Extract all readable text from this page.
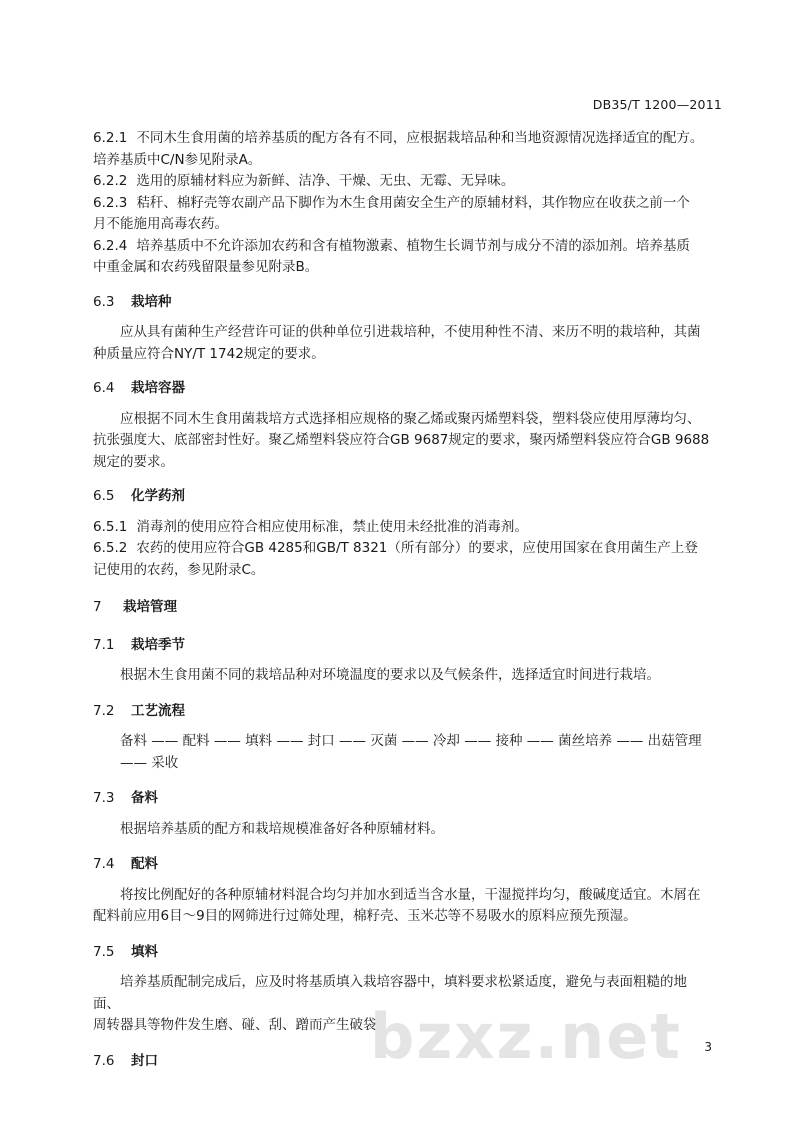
DB35/T 1200—2011

6.2.1 不同木生食用菌的培养基质的配方各有不同，应根据栽培品种和当地资源情况选择适宜的配方。

培养基质中C/N参见附录A。

6.2.2 选用的原辅材料应为新鲜、洁净、干燥、无虫、无霉、无异味。

6.2.3 秸秆、棉籽壳等农副产品下脚作为木生食用菌安全生产的原辅材料，其作物应在收获之前一个

月不能施用高毒农药。

6.2.4 培养基质中不允许添加农药和含有植物激素、植物生长调节剂与成分不清的添加剂。培养基质

中重金属和农药残留限量参见附录B。

6.3 栽培种

应从具有菌种生产经营许可证的供种单位引进栽培种，不使用种性不清、来历不明的栽培种，其菌

种质量应符合NY/T 1742规定的要求。

6.4 栽培容器

应根据不同木生食用菌栽培方式选择相应规格的聚乙烯或聚丙烯塑料袋，塑料袋应使用厚薄均匀、

抗张强度大、底部密封性好。聚乙烯塑料袋应符合GB 9687规定的要求，聚丙烯塑料袋应符合GB 9688

规定的要求。

6.5 化学药剂

6.5.1 消毒剂的使用应符合相应使用标准，禁止使用未经批准的消毒剂。

6.5.2 农药的使用应符合GB 4285和GB/T 8321（所有部分）的要求，应使用国家在食用菌生产上登

记使用的农药，参见附录C。

7 栽培管理

7.1 栽培季节

根据木生食用菌不同的栽培品种对环境温度的要求以及气候条件，选择适宜时间进行栽培。

7.2 工艺流程

备料 —— 配料 —— 填料 —— 封口 —— 灭菌 —— 冷却 —— 接种 —— 菌丝培养 —— 出菇管理 —— 采收

7.3 备料

根据培养基质的配方和栽培规模准备好各种原辅材料。

7.4 配料

将按比例配好的各种原辅材料混合均匀并加水到适当含水量，干湿搅拌均匀，酸碱度适宜。木屑在

配料前应用6目～9目的网筛进行过筛处理，棉籽壳、玉米芯等不易吸水的原料应预先预湿。

7.5 填料

培养基质配制完成后，应及时将基质填入栽培容器中，填料要求松紧适度，避免与表面粗糙的地面、

周转器具等物件发生磨、碰、刮、蹭而产生破袋。

7.6 封口	bzxz.net 3
